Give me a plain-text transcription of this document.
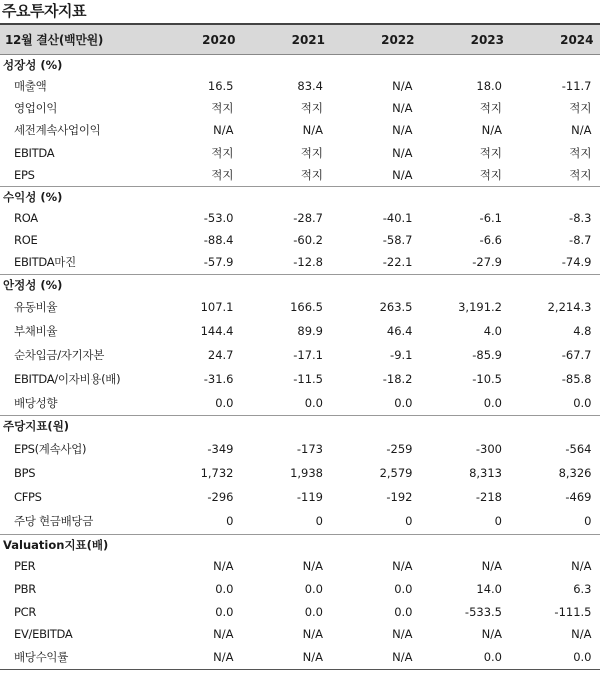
주요투자지표
12월 결산(백만원)	2020	2021	2022	2023	2024
성장성 (%)
매출액	16.5	83.4	N/A	18.0	-11.7
영업이익	적지	적지	N/A	적지	적지
세전계속사업이익	N/A	N/A	N/A	N/A	N/A
EBITDA	적지	적지	N/A	적지	적지
EPS	적지	적지	N/A	적지	적지
수익성 (%)
ROA	-53.0	-28.7	-40.1	-6.1	-8.3
ROE	-88.4	-60.2	-58.7	-6.6	-8.7
EBITDA마진	-57.9	-12.8	-22.1	-27.9	-74.9
안정성 (%)
유동비율	107.1	166.5	263.5	3,191.2	2,214.3
부채비율	144.4	89.9	46.4	4.0	4.8
순차입금/자기자본	24.7	-17.1	-9.1	-85.9	-67.7
EBITDA/이자비용(배)	-31.6	-11.5	-18.2	-10.5	-85.8
배당성향	0.0	0.0	0.0	0.0	0.0
주당지표(원)
EPS(계속사업)	-349	-173	-259	-300	-564
BPS	1,732	1,938	2,579	8,313	8,326
CFPS	-296	-119	-192	-218	-469
주당 현금배당금	0	0	0	0	0
Valuation지표(배)
PER	N/A	N/A	N/A	N/A	N/A
PBR	0.0	0.0	0.0	14.0	6.3
PCR	0.0	0.0	0.0	-533.5	-111.5
EV/EBITDA	N/A	N/A	N/A	N/A	N/A
배당수익률	N/A	N/A	N/A	0.0	0.0
